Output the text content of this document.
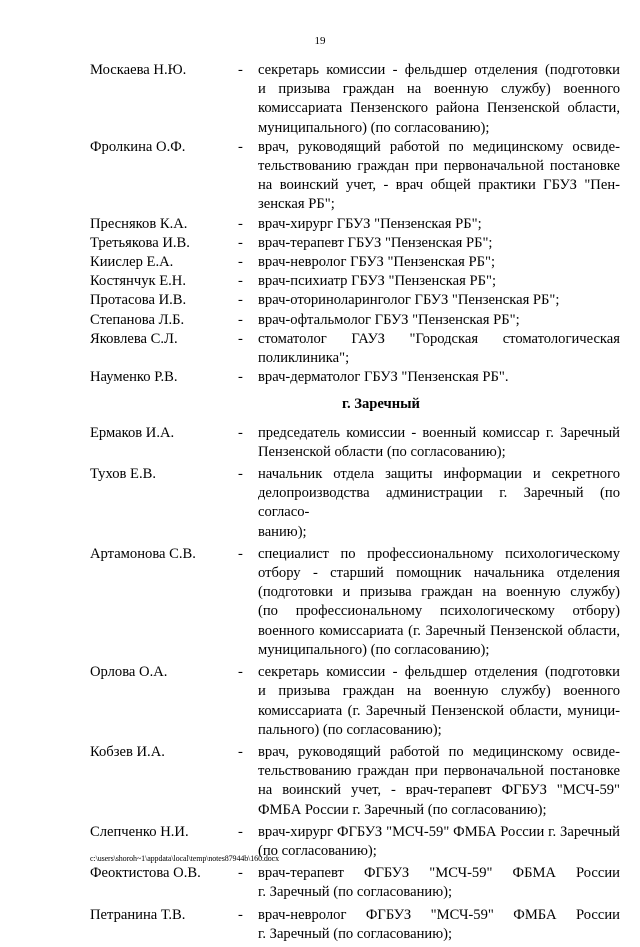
19
Москаева Н.Ю.	-	секретарь комиссии - фельдшер отделения (подготовки
и призыва граждан на военную службу) военного
комиссариата Пензенского района Пензенской области,
муниципального) (по согласованию);
Фролкина О.Ф.	-	врач, руководящий работой по медицинскому освиде-
тельствованию граждан при первоначальной постановке
на воинский учет, - врач общей практики ГБУЗ "Пен-
зенская РБ";
Пресняков К.А.	-	врач-хирург ГБУЗ "Пензенская РБ";
Третьякова И.В.	-	врач-терапевт ГБУЗ "Пензенская РБ";
Киислер Е.А.	-	врач-невролог ГБУЗ "Пензенская РБ";
Костянчук Е.Н.	-	врач-психиатр ГБУЗ "Пензенская РБ";
Протасова И.В.	-	врач-оториноларинголог ГБУЗ "Пензенская РБ";
Степанова Л.Б.	-	врач-офтальмолог ГБУЗ "Пензенская РБ";
Яковлева С.Л.	-	стоматолог ГАУЗ "Городская стоматологическая
поликлиника";
Науменко Р.В.	-	врач-дерматолог ГБУЗ "Пензенская РБ".
г. Заречный
Ермаков И.А.	-	председатель комиссии - военный комиссар г. Заречный
Пензенской области (по согласованию);
Тухов Е.В.	-	начальник отдела защиты информации и секретного
делопроизводства администрации г. Заречный (по согласо-
ванию);
Артамонова С.В.	-	специалист по профессиональному психологическому
отбору - старший помощник начальника отделения
(подготовки и призыва граждан на военную службу)
(по профессиональному психологическому отбору)
военного комиссариата (г. Заречный Пензенской области,
муниципального) (по согласованию);
Орлова О.А.	-	секретарь комиссии - фельдшер отделения (подготовки
и призыва граждан на военную службу) военного
комиссариата (г. Заречный Пензенской области, муници-
пального) (по согласованию);
Кобзев И.А.	-	врач, руководящий работой по медицинскому освиде-
тельствованию граждан при первоначальной постановке
на воинский учет, - врач-терапевт ФГБУЗ "МСЧ-59"
ФМБА России г. Заречный (по согласованию);
Слепченко Н.И.	-	врач-хирург ФГБУЗ "МСЧ-59" ФМБА России г. Заречный
(по согласованию);
Феоктистова О.В.	-	врач-терапевт ФГБУЗ "МСЧ-59" ФБМА России
г. Заречный (по согласованию);
Петранина Т.В.	-	врач-невролог ФГБУЗ "МСЧ-59" ФМБА России
г. Заречный (по согласованию);
c:\users\shoroh~1\appdata\local\temp\notes87944b\160.docx
